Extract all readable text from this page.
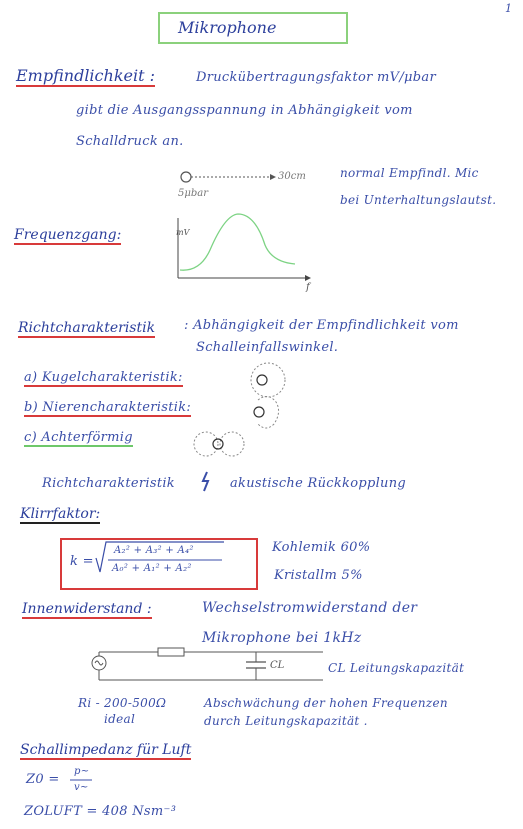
1
Mikrophone
Empfindlichkeit :	Druckübertragungsfaktor mV/μbar
gibt die Ausgangsspannung in Abhängigkeit vom
Schalldruck an.
5μbar
30cm	normal Empfindl. Mic
bei Unterhaltungslautst.
Frequenzgang:	mV
f
Richtcharakteristik : Abhängigkeit der Empfindlichkeit vom
Schalleinfallswinkel.
a) Kugelcharakteristik:
b) Nierencharakteristik:
c) Achterförmig
Richtcharakteristik	akustische Rückkopplung
Klirrfaktor:
k =
A₂² + A₃² + A₄²
A₀² + A₁² + A₂²
Kohlemik 60%
Kristallm 5%
Innenwiderstand :	Wechselstromwiderstand der
Mikrophone bei 1kHz
CL	CL Leitungskapazität
Ri - 200-500Ω
ideal
Abschwächung der hohen Frequenzen
durch Leitungskapazität .
Schallimpedanz für Luft
Z0 =
p~
v~
ZOLUFT = 408 Nsm⁻³
